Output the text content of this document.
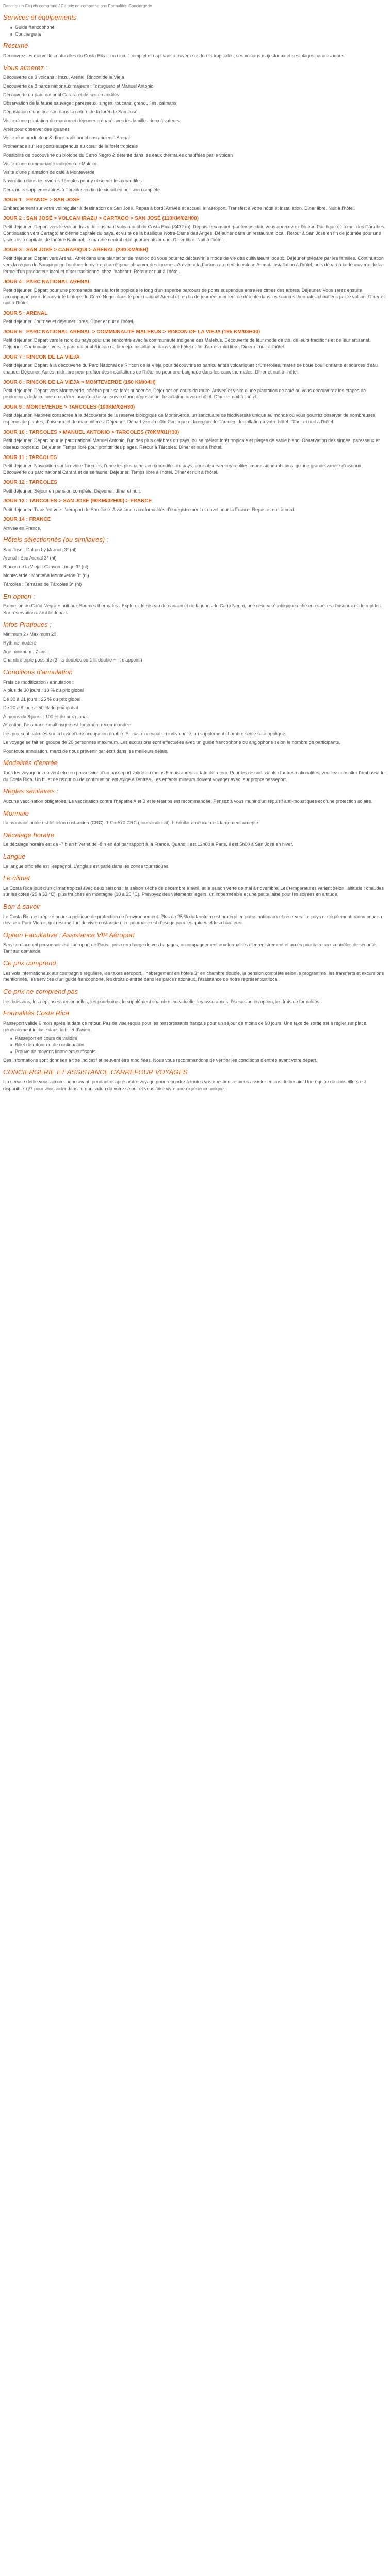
Description Ce prix comprend / Ce prix ne comprend pas Formalités Conciergerie
Services et équipements
Guide francophone
Conciergerie
Résumé

Découvrez les merveilles naturelles du Costa Rica : un circuit complet et captivant à travers ses forêts tropicales, ses volcans majestueux et ses plages paradisiaques.

Vous aimerez :

Découverte de 3 volcans : Irazu, Arenal, Rincon de la Vieja

Découverte de 2 parcs nationaux majeurs : Tortuguero et Manuel Antonio

Découverte du parc national Carara et de ses crocodiles

Observation de la faune sauvage : paresseux, singes, toucans, grenouilles, caïmans

Dégustation d'une boisson dans la nature de la forêt de San José

Visite d'une plantation de manioc et déjeuner préparé avec les familles de cultivateurs

Arrêt pour observer des iguanes

Visite d'un producteur & dîner traditionnel costaricien à Arenal

Promenade sur les ponts suspendus au cœur de la forêt tropicale

Possibilité de découverte du biotope du Cerro Negro & détente dans les eaux thermales chauffées par le volcan

Visite d'une communauté indigène de Maleku

Visite d'une plantation de café à Monteverde

Navigation dans les rivières Tárcoles pour y observer les crocodiles

Deux nuits supplémentaires à Tárcoles en fin de circuit en pension complète

JOUR 1 : FRANCE > SAN JOSÉ

Embarquement sur votre vol régulier à destination de San José. Repas à bord. Arrivée et accueil à l'aéroport. Transfert à votre hôtel et installation. Dîner libre. Nuit à l'hôtel.

JOUR 2 : SAN JOSÉ > VOLCAN IRAZU > CARTAGO > SAN JOSÉ (110KM/02H00)

Petit déjeuner. Départ vers le volcan Irazu, le plus haut volcan actif du Costa Rica (3432 m). Depuis le sommet, par temps clair, vous apercevrez l'océan Pacifique et la mer des Caraïbes. Continuation vers Cartago, ancienne capitale du pays, et visite de la basilique Notre-Dame des Anges. Déjeuner dans un restaurant local. Retour à San José en fin de journée pour une visite de la capitale : le théâtre National, le marché central et le quartier historique. Dîner libre. Nuit à l'hôtel.

JOUR 3 : SAN JOSÉ > CARAPIQUI > ARENAL (230 KM/05H)

Petit déjeuner. Départ vers Arenal. Arrêt dans une plantation de manioc où vous pourrez découvrir le mode de vie des cultivateurs locaux. Déjeuner préparé par les familles. Continuation vers la région de Sarapiqui en bordure de rivière et arrêt pour observer des iguanes. Arrivée à la Fortuna au pied du volcan Arenal. Installation à l'hôtel, puis départ à la découverte de la ferme d'un producteur local et dîner traditionnel chez l'habitant. Retour et nuit à l'hôtel.

JOUR 4 : PARC NATIONAL ARENAL

Petit déjeuner. Départ pour une promenade dans la forêt tropicale le long d'un superbe parcours de ponts suspendus entre les cimes des arbres. Déjeuner. Vous serez ensuite accompagné pour découvrir le biotope du Cerro Negro dans le parc national Arenal et, en fin de journée, moment de détente dans les sources thermales chauffées par le volcan. Dîner et nuit à l'hôtel.

JOUR 5 : ARENAL

Petit déjeuner. Journée et déjeuner libres. Dîner et nuit à l'hôtel.

JOUR 6 : PARC NATIONAL ARENAL > COMMUNAUTÉ MALEKUS > RINCON DE LA VIEJA (195 KM/03H30)

Petit déjeuner. Départ vers le nord du pays pour une rencontre avec la communauté indigène des Malekus. Découverte de leur mode de vie, de leurs traditions et de leur artisanat. Déjeuner. Continuation vers le parc national Rincon de la Vieja. Installation dans votre hôtel et fin d'après-midi libre. Dîner et nuit à l'hôtel.

JOUR 7 : RINCON DE LA VIEJA

Petit déjeuner. Départ à la découverte du Parc National de Rincon de la Vieja pour découvrir ses particularités volcaniques : fumerolles, mares de boue bouillonnante et sources d'eau chaude. Déjeuner. Après-midi libre pour profiter des installations de l'hôtel ou pour une baignade dans les eaux thermales. Dîner et nuit à l'hôtel.

JOUR 8 : RINCON DE LA VIEJA > MONTEVERDE (180 KM/04H)

Petit déjeuner. Départ vers Monteverde, célèbre pour sa forêt nuageuse. Déjeuner en cours de route. Arrivée et visite d'une plantation de café où vous découvrirez les étapes de production, de la culture du caféier jusqu'à la tasse, suivie d'une dégustation. Installation à votre hôtel. Dîner et nuit à l'hôtel.

JOUR 9 : MONTEVERDE > TARCOLES (100KM/02H30)

Petit déjeuner. Matinée consacrée à la découverte de la réserve biologique de Monteverde, un sanctuaire de biodiversité unique au monde où vous pourrez observer de nombreuses espèces de plantes, d'oiseaux et de mammifères. Déjeuner. Départ vers la côte Pacifique et la région de Tárcoles. Installation à votre hôtel. Dîner et nuit à l'hôtel.

JOUR 10 : TARCOLES > MANUEL ANTONIO > TARCOLES (70KM/01H30)

Petit déjeuner. Départ pour le parc national Manuel Antonio, l'un des plus célèbres du pays, où se mêlent forêt tropicale et plages de sable blanc. Observation des singes, paresseux et oiseaux tropicaux. Déjeuner. Temps libre pour profiter des plages. Retour à Tárcoles. Dîner et nuit à l'hôtel.

JOUR 11 : TARCOLES

Petit déjeuner. Navigation sur la rivière Tárcoles, l'une des plus riches en crocodiles du pays, pour observer ces reptiles impressionnants ainsi qu'une grande variété d'oiseaux. Découverte du parc national Carara et de sa faune. Déjeuner. Temps libre à l'hôtel. Dîner et nuit à l'hôtel.

JOUR 12 : TARCOLES

Petit déjeuner. Séjour en pension complète. Déjeuner, dîner et nuit.

JOUR 13 : TARCOLES > SAN JOSÉ (90KM/02H00) > FRANCE

Petit déjeuner. Transfert vers l'aéroport de San José. Assistance aux formalités d'enregistrement et envol pour la France. Repas et nuit à bord.

JOUR 14 : FRANCE

Arrivée en France.

Hôtels sélectionnés (ou similaires) :

San José : Dalton by Marriott 3* (nl)

Arenal : Eco Arenal 3* (nl)

Rincon de la Vieja : Canyon Lodge 3* (nl)

Monteverde : Montaña Monteverde 3* (nl)

Tárcoles : Terrazas de Tárcoles 3* (nl)

En option :

Excursion au Caño Negro + nuit aux Sources thermales : Explorez le réseau de canaux et de lagunes de Caño Negro, une réserve écologique riche en espèces d'oiseaux et de reptiles. Sur réservation avant le départ.

Infos Pratiques :

Minimum 2 / Maximum 20

Rythme modéré

Age minimum : 7 ans

Chambre triple possible (3 lits doubles ou 1 lit double + lit d'appoint)

Conditions d'annulation

Frais de modification / annulation :

À plus de 30 jours : 10 % du prix global

De 30 à 21 jours : 25 % du prix global

De 20 à 8 jours : 50 % du prix global

À moins de 8 jours : 100 % du prix global

Attention, l'assurance multirisque est fortement recommandée.

Les prix sont calculés sur la base d'une occupation double. En cas d'occupation individuelle, un supplément chambre seule sera appliqué.

Le voyage se fait en groupe de 20 personnes maximum. Les excursions sont effectuées avec un guide francophone ou anglophone selon le nombre de participants.

Pour toute annulation, merci de nous prévenir par écrit dans les meilleurs délais.

Modalités d'entrée

Tous les voyageurs doivent être en possession d'un passeport valide au moins 6 mois après la date de retour. Pour les ressortissants d'autres nationalités, veuillez consulter l'ambassade du Costa Rica. Un billet de retour ou de continuation est exigé à l'entrée. Les enfants mineurs doivent voyager avec leur propre passeport.

Règles sanitaires :

Aucune vaccination obligatoire. La vaccination contre l'hépatite A et B et le tétanos est recommandée. Pensez à vous munir d'un répulsif anti-moustiques et d'une protection solaire.

Monnaie

La monnaie locale est le colón costaricien (CRC). 1 € ≈ 570 CRC (cours indicatif). Le dollar américain est largement accepté.

Décalage horaire

Le décalage horaire est de -7 h en hiver et de -8 h en été par rapport à la France. Quand il est 12h00 à Paris, il est 5h00 à San José en hiver.

Langue

La langue officielle est l'espagnol. L'anglais est parlé dans les zones touristiques.

Le climat

Le Costa Rica jouit d'un climat tropical avec deux saisons : la saison sèche de décembre à avril, et la saison verte de mai à novembre. Les températures varient selon l'altitude : chaudes sur les côtes (25 à 33 °C), plus fraîches en montagne (10 à 25 °C). Prévoyez des vêtements légers, un imperméable et une petite laine pour les soirées en altitude.

Bon à savoir

Le Costa Rica est réputé pour sa politique de protection de l'environnement. Plus de 25 % du territoire est protégé en parcs nationaux et réserves. Le pays est également connu pour sa devise « Pura Vida », qui résume l'art de vivre costaricien. Le pourboire est d'usage pour les guides et les chauffeurs.

Option Facultative : Assistance VIP Aéroport

Service d'accueil personnalisé à l'aéroport de Paris : prise en charge de vos bagages, accompagnement aux formalités d'enregistrement et accès prioritaire aux contrôles de sécurité. Tarif sur demande.

Ce prix comprend

Les vols internationaux sur compagnie régulière, les taxes aéroport, l'hébergement en hôtels 3* en chambre double, la pension complète selon le programme, les transferts et excursions mentionnés, les services d'un guide francophone, les droits d'entrée dans les parcs nationaux, l'assistance de notre représentant local.

Ce prix ne comprend pas

Les boissons, les dépenses personnelles, les pourboires, le supplément chambre individuelle, les assurances, l'excursion en option, les frais de formalités.

Formalités Costa Rica

Passeport valide 6 mois après la date de retour. Pas de visa requis pour les ressortissants français pour un séjour de moins de 90 jours. Une taxe de sortie est à régler sur place, généralement incluse dans le billet d'avion.

Passeport en cours de validité
Billet de retour ou de continuation
Preuve de moyens financiers suffisants

Ces informations sont données à titre indicatif et peuvent être modifiées. Nous vous recommandons de vérifier les conditions d'entrée avant votre départ.

CONCIERGERIE ET ASSISTANCE CARREFOUR VOYAGES

Un service dédié vous accompagne avant, pendant et après votre voyage pour répondre à toutes vos questions et vous assister en cas de besoin. Une équipe de conseillers est disponible 7j/7 pour vous aider dans l'organisation de votre séjour et vous faire vivre une expérience unique.
